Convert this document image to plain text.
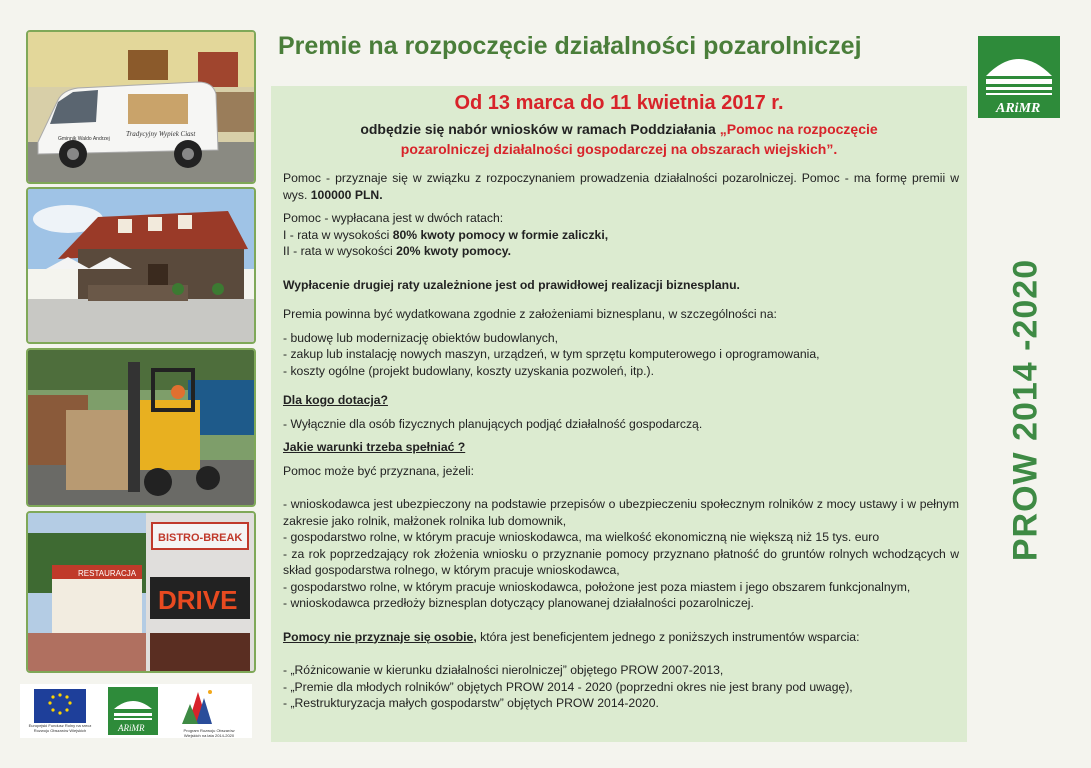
Tradycyjny Wypiek Ciast
Gminnik Waldo Andrzej
RESTAURACJA
BISTRO-BREAK
DRIVE
Europejski Fundusz Rolny na rzecz Rozwoju Obszarów Wiejskich	ARiMR	Program Rozwoju Obszarów Wiejskich na lata 2014-2020
Premie na rozpoczęcie działalności pozarolniczej
ARiMR
PROW 2014 -2020
Od 13 marca do 11 kwietnia 2017 r.
odbędzie się nabór wniosków w ramach Poddziałania „Pomoc na rozpoczęcie
pozarolniczej działalności gospodarczej na obszarach wiejskich”.

Pomoc - przyznaje się w związku z rozpoczynaniem prowadzenia działalności pozarolniczej. Pomoc - ma formę premii w wys. 100000 PLN.

Pomoc - wypłacana jest w dwóch ratach:

I - rata w wysokości 80% kwoty pomocy w formie zaliczki,

II - rata w wysokości 20% kwoty pomocy.

Wypłacenie drugiej raty uzależnione jest od prawidłowej realizacji biznesplanu.

Premia powinna być wydatkowana zgodnie z założeniami biznesplanu, w szczególności na:

- budowę lub modernizację obiektów budowlanych,

- zakup lub instalację nowych maszyn, urządzeń, w tym sprzętu komputerowego i oprogramowania,

- koszty ogólne (projekt budowlany, koszty uzyskania pozwoleń, itp.).

Dla kogo dotacja?

- Wyłącznie dla osób fizycznych planujących podjąć działalność gospodarczą.

Jakie warunki trzeba spełniać ?

Pomoc może być przyznana, jeżeli:

- wnioskodawca jest ubezpieczony na podstawie przepisów o ubezpieczeniu społecznym rolników z mocy ustawy i w pełnym zakresie jako rolnik, małżonek rolnika lub domownik,

- gospodarstwo rolne, w którym pracuje wnioskodawca, ma wielkość ekonomiczną nie większą niż 15 tys. euro

- za rok poprzedzający rok złożenia wniosku o przyznanie pomocy przyznano płatność do gruntów rolnych wchodzących w skład gospodarstwa rolnego, w którym pracuje wnioskodawca,

- gospodarstwo rolne, w którym pracuje wnioskodawca, położone jest poza miastem i jego obszarem funkcjonalnym,

- wnioskodawca przedłoży biznesplan dotyczący planowanej działalności pozarolniczej.

Pomocy nie przyznaje się osobie, która jest beneficjentem jednego z poniższych instrumentów wsparcia:

- „Różnicowanie w kierunku działalności nierolniczej” objętego PROW 2007-2013,

- „Premie dla młodych rolników” objętych PROW 2014 - 2020 (poprzedni okres nie jest brany pod uwagę),

- „Restrukturyzacja małych gospodarstw” objętych PROW 2014-2020.
